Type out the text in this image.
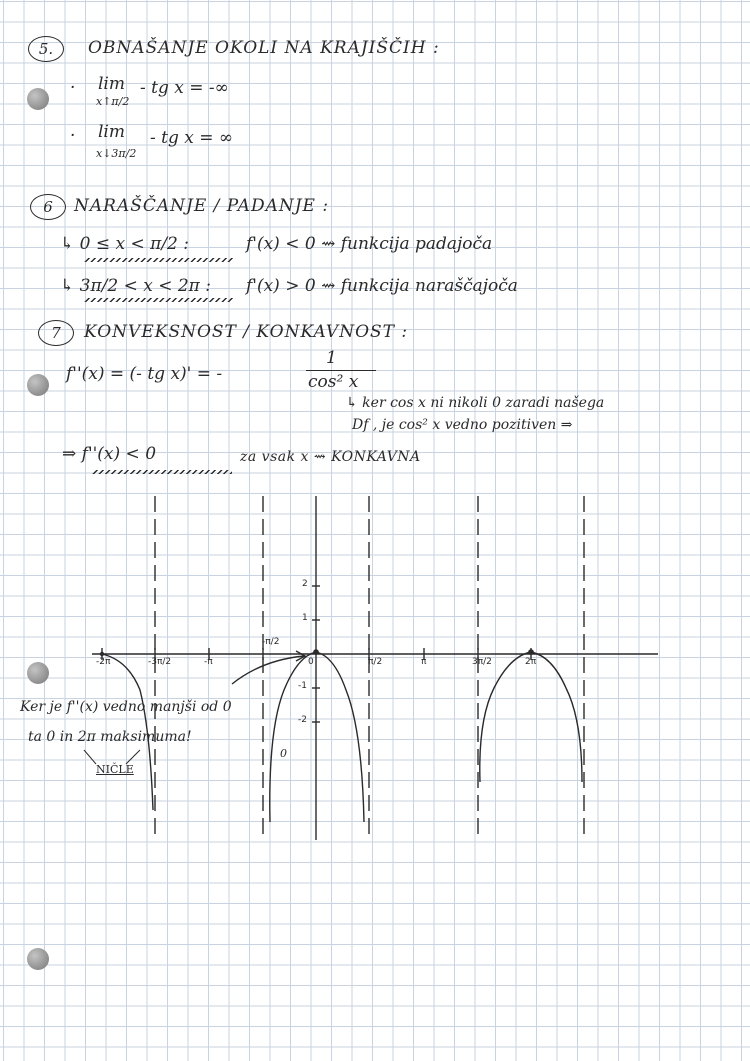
5.	OBNAŠANJE OKOLI NA KRAJIŠČIH :
· lim
x↑π/2
- tg x = -∞
· lim
x↓3π/2
- tg x = ∞
6	NARAŠČANJE / PADANJE :
↳ 0 ≤ x < π/2 :	f'(x) < 0 ⇝ funkcija padajoča
↳ 3π/2 < x < 2π : f'(x) > 0 ⇝ funkcija naraščajoča
7	KONVEKSNOST / KONKAVNOST :
f''(x) = (- tg x)' = -
1
cos² x
↳ ker cos x ni nikoli 0 zaradi našega
Df , je cos² x vedno pozitiven ⇒
⇒ f''(x) < 0	za vsak x ⇝ KONKAVNA
-2π	-3π/2	-π
-π/2
0	π/2	π	3π/2	2π
2
1
-1
-2
Ker je f''(x) vedno manjši od 0
ta 0 in 2π maksimuma!
NIČLE
0
